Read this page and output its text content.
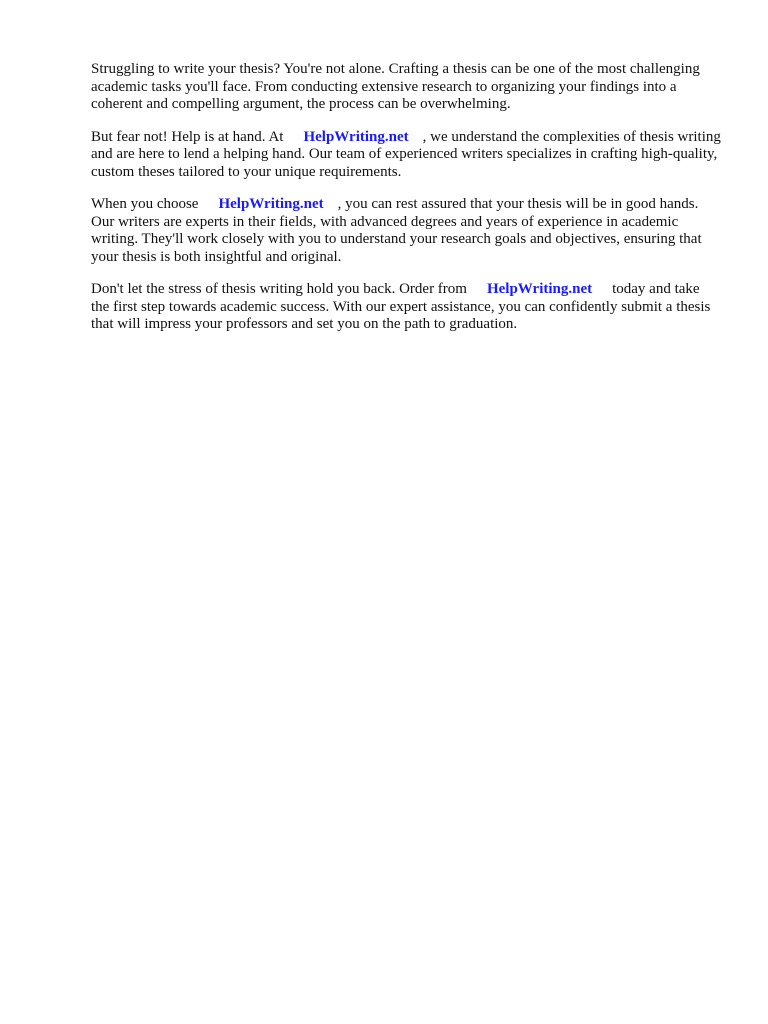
Struggling to write your thesis? You're not alone. Crafting a thesis can be one of the most challenging academic tasks you'll face. From conducting extensive research to organizing your findings into a coherent and compelling argument, the process can be overwhelming.

But fear not! Help is at hand. At HelpWriting.net , we understand the complexities of thesis writing and are here to lend a helping hand. Our team of experienced writers specializes in crafting high-quality, custom theses tailored to your unique requirements.

When you choose HelpWriting.net , you can rest assured that your thesis will be in good hands. Our writers are experts in their fields, with advanced degrees and years of experience in academic writing. They'll work closely with you to understand your research goals and objectives, ensuring that your thesis is both insightful and original.

Don't let the stress of thesis writing hold you back. Order from HelpWriting.net today and take the first step towards academic success. With our expert assistance, you can confidently submit a thesis that will impress your professors and set you on the path to graduation.
